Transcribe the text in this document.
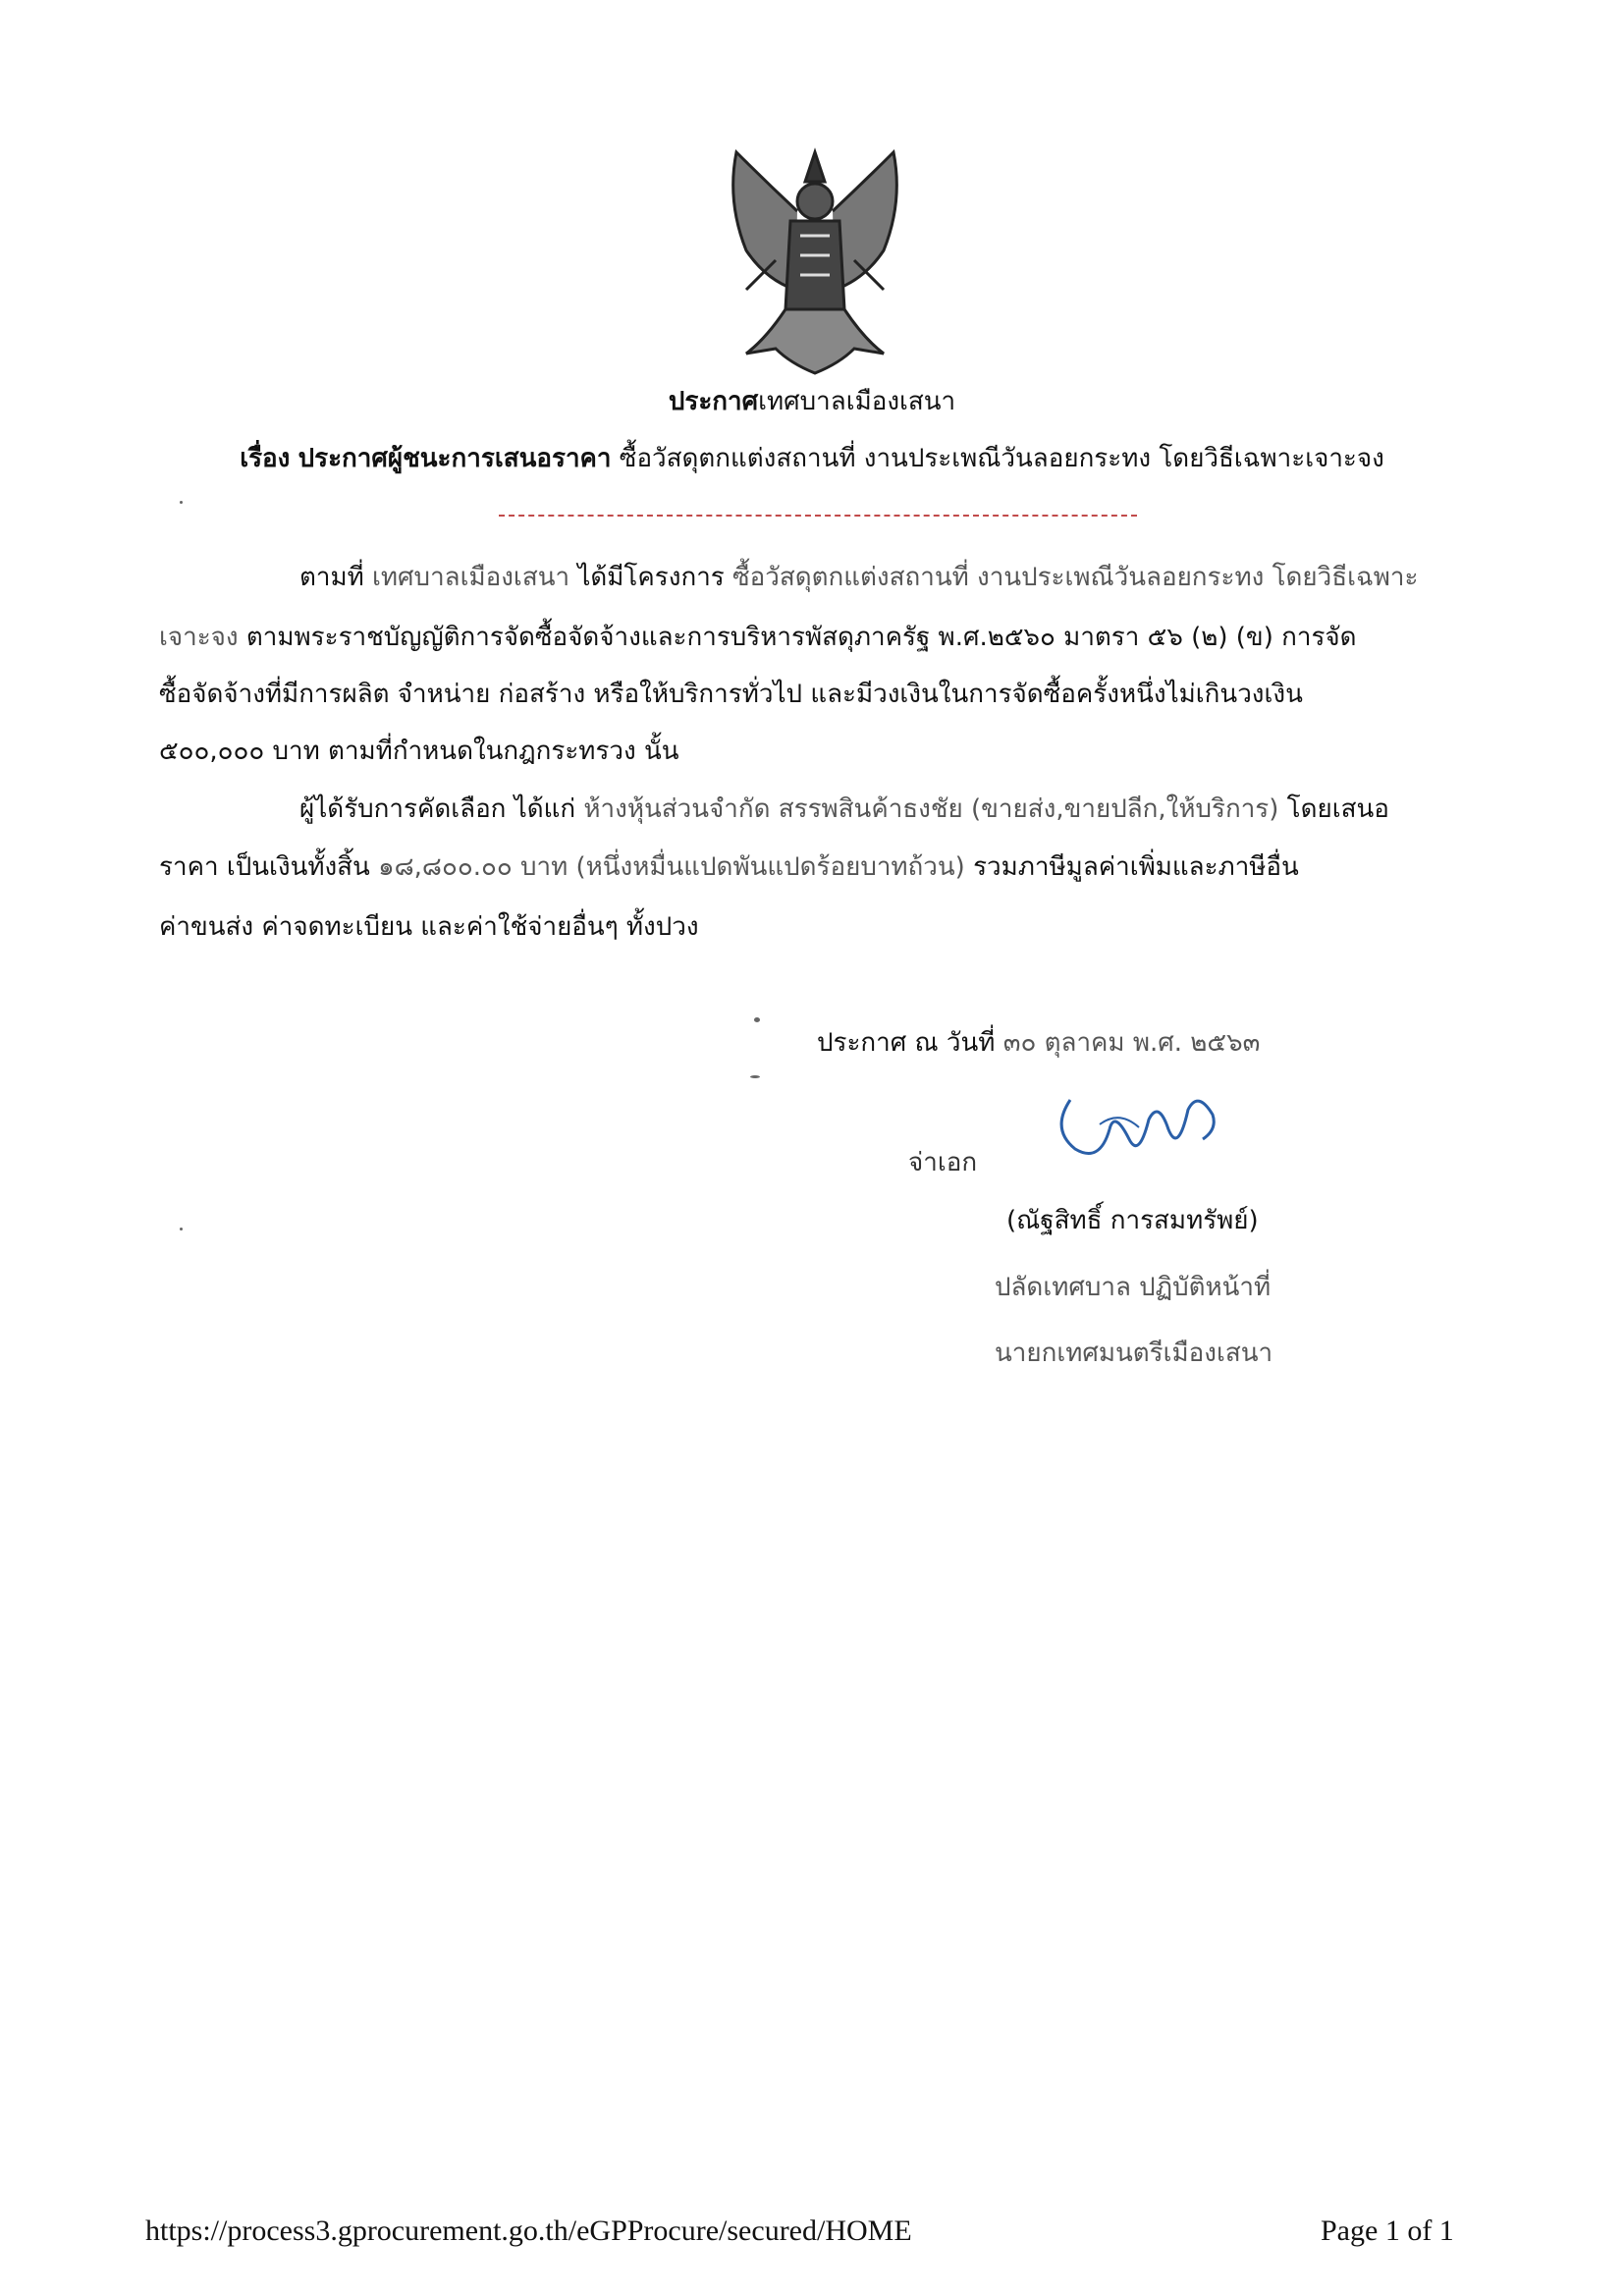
ประกาศเทศบาลเมืองเสนา
เรื่อง ประกาศผู้ชนะการเสนอราคา ซื้อวัสดุตกแต่งสถานที่ งานประเพณีวันลอยกระทง โดยวิธีเฉพาะเจาะจง
ตามที่ เทศบาลเมืองเสนา ได้มีโครงการ ซื้อวัสดุตกแต่งสถานที่ งานประเพณีวันลอยกระทง โดยวิธีเฉพาะ
เจาะจง ตามพระราชบัญญัติการจัดซื้อจัดจ้างและการบริหารพัสดุภาครัฐ พ.ศ.๒๕๖๐ มาตรา ๕๖ (๒) (ข) การจัด
ซื้อจัดจ้างที่มีการผลิต จำหน่าย ก่อสร้าง หรือให้บริการทั่วไป และมีวงเงินในการจัดซื้อครั้งหนึ่งไม่เกินวงเงิน
๕๐๐,๐๐๐ บาท ตามที่กำหนดในกฎกระทรวง นั้น
ผู้ได้รับการคัดเลือก ได้แก่ ห้างหุ้นส่วนจำกัด สรรพสินค้าธงชัย (ขายส่ง,ขายปลีก,ให้บริการ) โดยเสนอ
ราคา เป็นเงินทั้งสิ้น ๑๘,๘๐๐.๐๐ บาท (หนึ่งหมื่นแปดพันแปดร้อยบาทถ้วน) รวมภาษีมูลค่าเพิ่มและภาษีอื่น
ค่าขนส่ง ค่าจดทะเบียน และค่าใช้จ่ายอื่นๆ ทั้งปวง
ประกาศ ณ วันที่ ๓๐ ตุลาคม พ.ศ. ๒๕๖๓
จ่าเอก
(ณัฐสิทธิ์ การสมทรัพย์)
ปลัดเทศบาล ปฏิบัติหน้าที่
นายกเทศมนตรีเมืองเสนา
https://process3.gprocurement.go.th/eGPProcure/secured/HOME	Page 1 of 1
